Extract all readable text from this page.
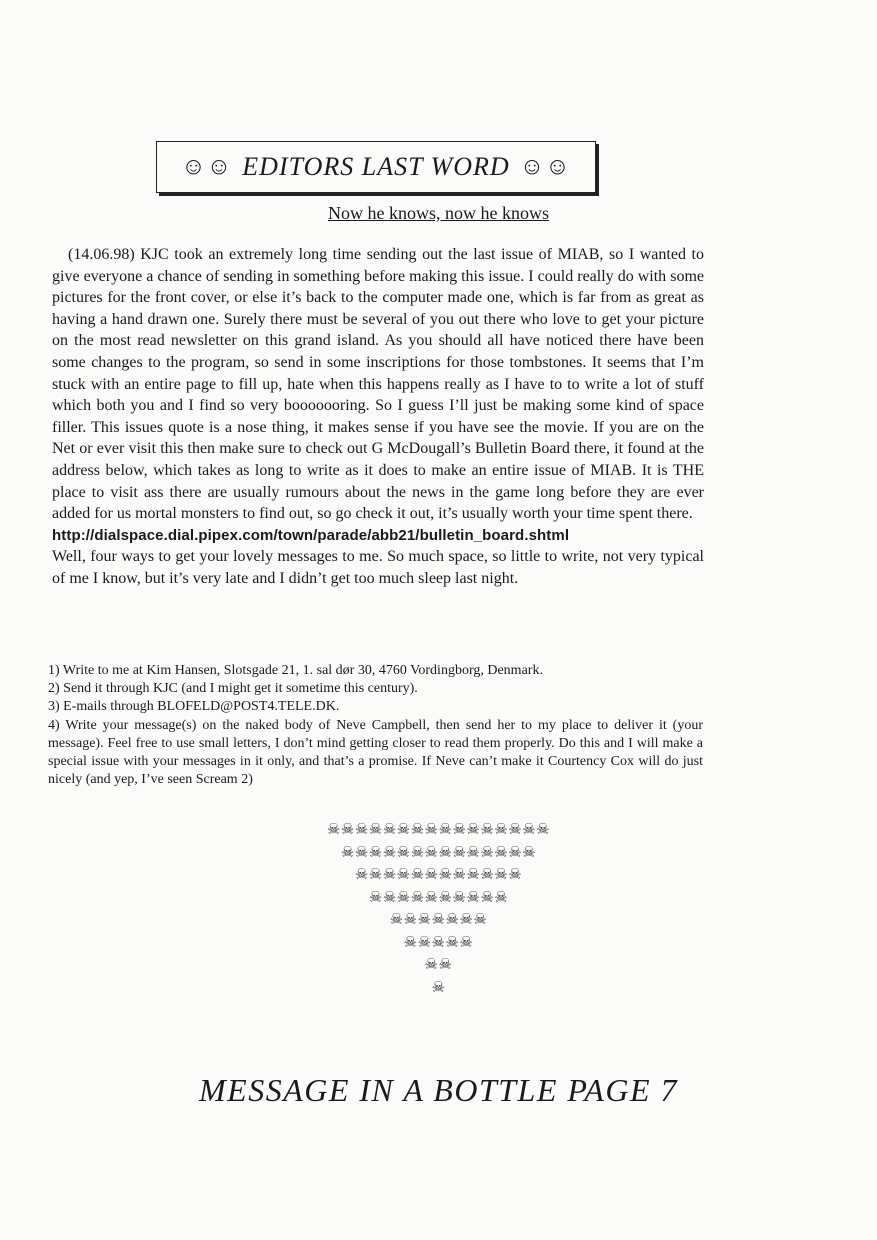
☺☺ EDITORS LAST WORD ☺☺
Now he knows, now he knows

(14.06.98) KJC took an extremely long time sending out the last issue of MIAB, so I wanted to give everyone a chance of sending in something before making this issue. I could really do with some pictures for the front cover, or else it’s back to the computer made one, which is far from as great as having a hand drawn one. Surely there must be several of you out there who love to get your picture on the most read newsletter on this grand island. As you should all have noticed there have been some changes to the program, so send in some inscriptions for those tombstones. It seems that I’m stuck with an entire page to fill up, hate when this happens really as I have to to write a lot of stuff which both you and I find so very booooooring. So I guess I’ll just be making some kind of space filler. This issues quote is a nose thing, it makes sense if you have see the movie. If you are on the Net or ever visit this then make sure to check out G McDougall’s Bulletin Board there, it found at the address below, which takes as long to write as it does to make an entire issue of MIAB. It is THE place to visit ass there are usually rumours about the news in the game long before they are ever added for us mortal monsters to find out, so go check it out, it’s usually worth your time spent there.

http://dialspace.dial.pipex.com/town/parade/abb21/bulletin_board.shtml

Well, four ways to get your lovely messages to me. So much space, so little to write, not very typical of me I know, but it’s very late and I didn’t get too much sleep last night.

1) Write to me at Kim Hansen, Slotsgade 21, 1. sal dør 30, 4760 Vordingborg, Denmark.
2) Send it through KJC (and I might get it sometime this century).
3) E-mails through BLOFELD@POST4.TELE.DK.
4) Write your message(s) on the naked body of Neve Campbell, then send her to my place to deliver it (your message). Feel free to use small letters, I don’t mind getting closer to read them properly. Do this and I will make a special issue with your messages in it only, and that’s a promise. If Neve can’t make it Courtency Cox will do just nicely (and yep, I’ve seen Scream 2)
☠☠☠☠☠☠☠☠☠☠☠☠☠☠☠☠
☠☠☠☠☠☠☠☠☠☠☠☠☠☠
☠☠☠☠☠☠☠☠☠☠☠☠
☠☠☠☠☠☠☠☠☠☠
☠☠☠☠☠☠☠
☠☠☠☠☠
☠☠
☠
MESSAGE IN A BOTTLE PAGE 7
